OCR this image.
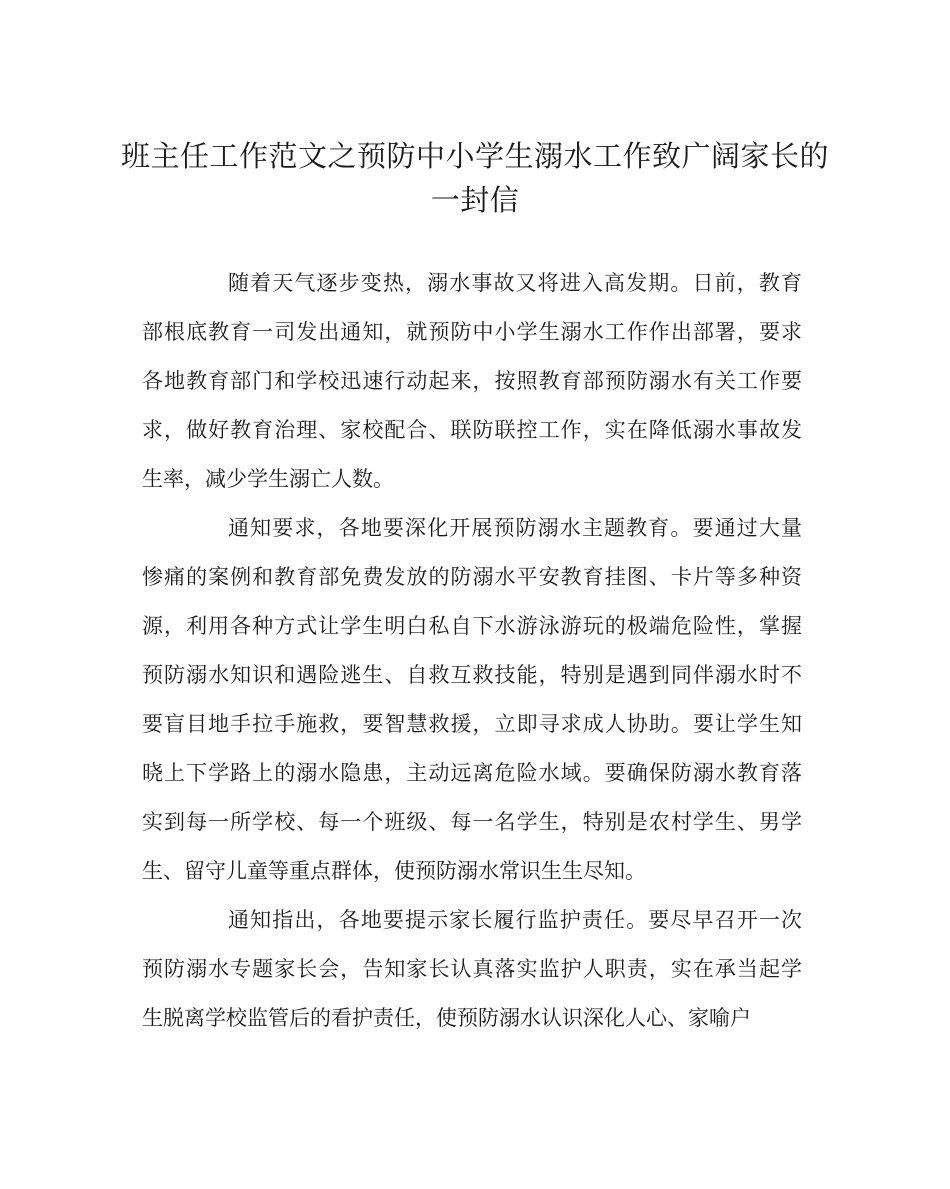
班主任工作范文之预防中小学生溺水工作致广阔家长的
一封信
随着天气逐步变热，溺水事故又将进入高发期。日前，教育
部根底教育一司发出通知，就预防中小学生溺水工作作出部署，要求
各地教育部门和学校迅速行动起来，按照教育部预防溺水有关工作要
求，做好教育治理、家校配合、联防联控工作，实在降低溺水事故发
生率，减少学生溺亡人数。
通知要求，各地要深化开展预防溺水主题教育。要通过大量
惨痛的案例和教育部免费发放的防溺水平安教育挂图、卡片等多种资
源，利用各种方式让学生明白私自下水游泳游玩的极端危险性，掌握
预防溺水知识和遇险逃生、自救互救技能，特别是遇到同伴溺水时不
要盲目地手拉手施救，要智慧救援，立即寻求成人协助。要让学生知
晓上下学路上的溺水隐患，主动远离危险水域。要确保防溺水教育落
实到每一所学校、每一个班级、每一名学生，特别是农村学生、男学
生、留守儿童等重点群体，使预防溺水常识生生尽知。
通知指出，各地要提示家长履行监护责任。要尽早召开一次
预防溺水专题家长会，告知家长认真落实监护人职责，实在承当起学
生脱离学校监管后的看护责任，使预防溺水认识深化人心、家喻户
